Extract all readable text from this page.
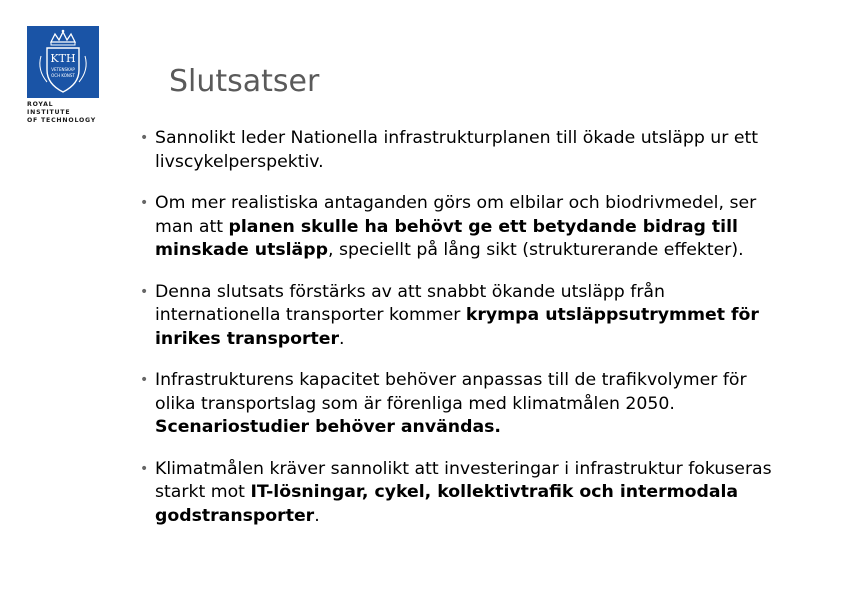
KTH
VETENSKAP
OCH KONST
ROYAL INSTITUTE
OF TECHNOLOGY
Slutsatser
• Sannolikt leder Nationella infrastrukturplanen till ökade utsläpp ur ett livscykelperspektiv.
• Om mer realistiska antaganden görs om elbilar och biodrivmedel, ser man att planen skulle ha behövt ge ett betydande bidrag till minskade utsläpp, speciellt på lång sikt (strukturerande effekter).
• Denna slutsats förstärks av att snabbt ökande utsläpp från internationella transporter kommer krympa utsläppsutrymmet för inrikes transporter.
• Infrastrukturens kapacitet behöver anpassas till de trafikvolymer för olika transportslag som är förenliga med klimatmålen 2050. Scenariostudier behöver användas.
• Klimatmålen kräver sannolikt att investeringar i infrastruktur fokuseras starkt mot IT-lösningar, cykel, kollektivtrafik och intermodala godstransporter.
